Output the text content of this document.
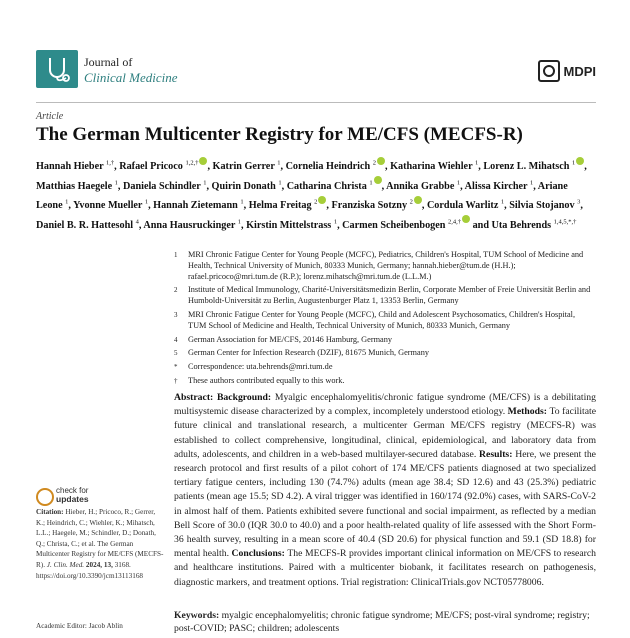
Journal of
Clinical Medicine	MDPI
Article
The German Multicenter Registry for ME/CFS (MECFS-R)
Hannah Hieber $^{1,\dagger}$, Rafael Pricoco $^{1,2,\dagger}$ , Katrin Gerrer $^1$, Cornelia Heindrich $^2$ , Katharina Wiehler $^1$, Lorenz L. Mihatsch $^1$ , Matthias Haegele $^1$, Daniela Schindler $^1$, Quirin Donath $^1$, Catharina Christa $^1$ , Annika Grabbe $^1$, Alissa Kircher $^1$, Ariane Leone $^1$, Yvonne Mueller $^1$, Hannah Zietemann $^1$, Helma Freitag $^2$ , Franziska Sotzny $^2$ , Cordula Warlitz $^1$, Silvia Stojanov $^3$, Daniel B. R. Hattesohl $^4$, Anna Hausruckinger $^1$, Kirstin Mittelstrass $^1$, Carmen Scheibenbogen $^{2,4,\dagger}$ and Uta Behrends $^{1,4,5,*,\dagger}$
1 MRI Chronic Fatigue Center for Young People (MCFC), Pediatrics, Children's Hospital, TUM School of Medicine and Health, Technical University of Munich, 80333 Munich, Germany; hannah.hieber@tum.de (H.H.); rafael.pricoco@mri.tum.de (R.P.); lorenz.mihatsch@mri.tum.de (L.L.M.)
2 Institute of Medical Immunology, Charité-Universitätsmedizin Berlin, Corporate Member of Freie Universität Berlin and Humboldt-Universität zu Berlin, Augustenburger Platz 1, 13353 Berlin, Germany
3 MRI Chronic Fatigue Center for Young People (MCFC), Child and Adolescent Psychosomatics, Children's Hospital, TUM School of Medicine and Health, Technical University of Munich, 80333 Munich, Germany
4 German Association for ME/CFS, 20146 Hamburg, Germany
5 German Center for Infection Research (DZIF), 81675 Munich, Germany
* Correspondence: uta.behrends@mri.tum.de
† These authors contributed equally to this work.
check for
updates
Citation: Hieber, H.; Pricoco, R.; Gerrer, K.; Heindrich, C.; Wiehler, K.; Mihatsch, L.L.; Haegele, M.; Schindler, D.; Donath, Q.; Christa, C.; et al. The German Multicenter Registry for ME/CFS (MECFS-R). J. Clin. Med. 2024, 13, 3168. https://doi.org/10.3390/jcm13113168
Academic Editor: Jacob Ablin
Abstract: Background: Myalgic encephalomyelitis/chronic fatigue syndrome (ME/CFS) is a debilitating multisystemic disease characterized by a complex, incompletely understood etiology. Methods: To facilitate future clinical and translational research, a multicenter German ME/CFS registry (MECFS-R) was established to collect comprehensive, longitudinal, clinical, epidemiological, and laboratory data from adults, adolescents, and children in a web-based multilayer-secured database. Results: Here, we present the research protocol and first results of a pilot cohort of 174 ME/CFS patients diagnosed at two specialized tertiary fatigue centers, including 130 (74.7%) adults (mean age 38.4; SD 12.6) and 43 (25.3%) pediatric patients (mean age 15.5; SD 4.2). A viral trigger was identified in 160/174 (92.0%) cases, with SARS-CoV-2 in almost half of them. Patients exhibited severe functional and social impairment, as reflected by a median Bell Score of 30.0 (IQR 30.0 to 40.0) and a poor health-related quality of life assessed with the Short Form-36 health survey, resulting in a mean score of 40.4 (SD 20.6) for physical function and 59.1 (SD 18.8) for mental health. Conclusions: The MECFS-R provides important clinical information on ME/CFS to research and healthcare institutions. Paired with a multicenter biobank, it facilitates research on pathogenesis, diagnostic markers, and treatment options. Trial registration: ClinicalTrials.gov NCT05778006.
Keywords: myalgic encephalomyelitis; chronic fatigue syndrome; ME/CFS; post-viral syndrome; registry; post-COVID; PASC; children; adolescents
